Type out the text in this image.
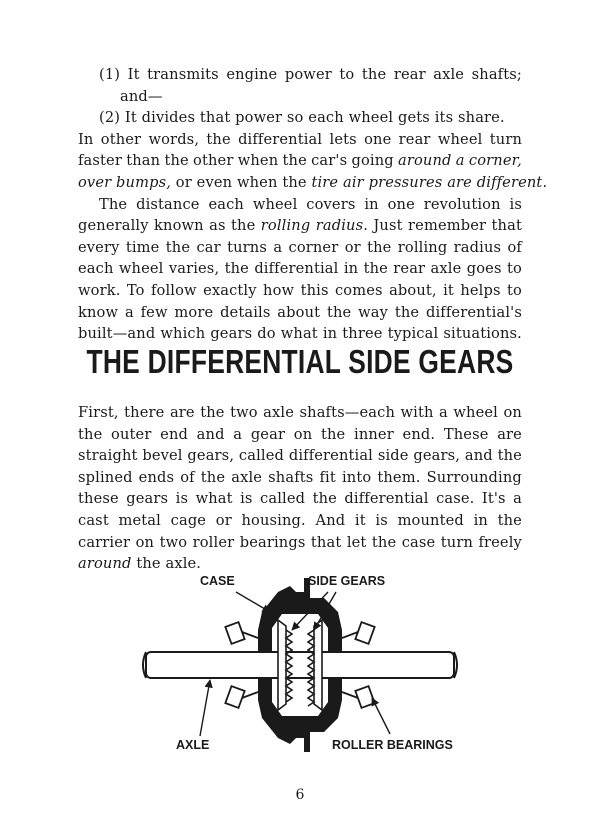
(1) It transmits engine power to the rear axle shafts;
and—
(2) It divides that power so each wheel gets its share.
In other words, the differential lets one rear wheel turn
faster than the other when the car's going around a corner,
over bumps, or even when the tire air pressures are different.
The distance each wheel covers in one revolution is
generally known as the rolling radius. Just remember that
every time the car turns a corner or the rolling radius of
each wheel varies, the differential in the rear axle goes to
work. To follow exactly how this comes about, it helps to
know a few more details about the way the differential's
built—and which gears do what in three typical situations.
THE DIFFERENTIAL SIDE GEARS
First, there are the two axle shafts—each with a wheel on
the outer end and a gear on the inner end. These are
straight bevel gears, called differential side gears, and the
splined ends of the axle shafts fit into them. Surrounding
these gears is what is called the differential case. It's a
cast metal cage or housing. And it is mounted in the
carrier on two roller bearings that let the case turn freely
around the axle.
CASE	SIDE GEARS
AXLE	ROLLER BEARINGS
6
